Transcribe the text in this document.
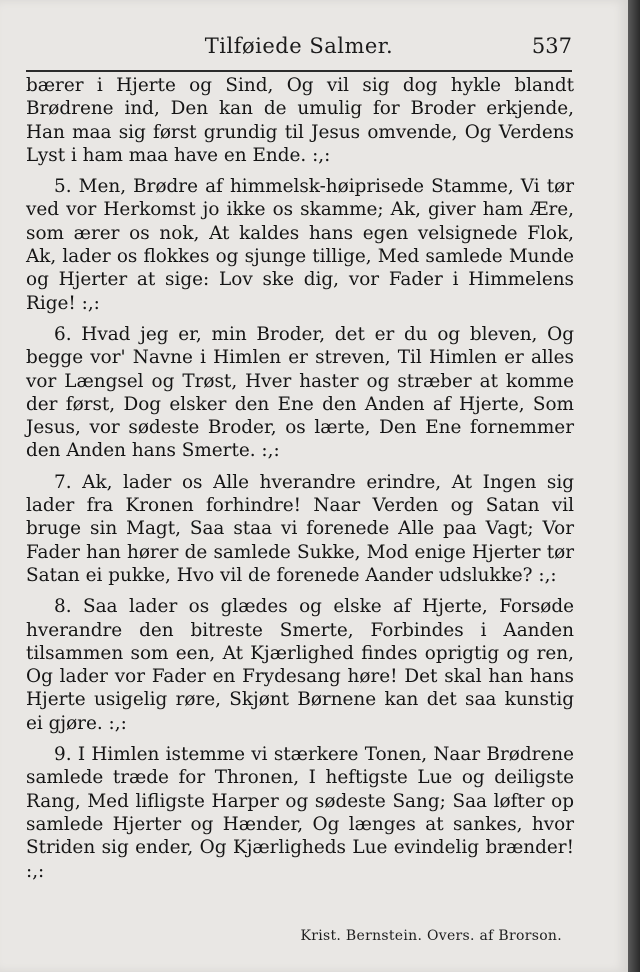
Tilføiede Salmer.	537
bærer i Hjerte og Sind, Og vil sig dog hykle blandt Brødrene ind, Den kan de umulig for Broder erkjende, Han maa sig først grundig til Jesus omvende, Og Verdens Lyst i ham maa have en Ende. :,:
5. Men, Brødre af himmelsk-høiprisede Stamme, Vi tør ved vor Herkomst jo ikke os skamme; Ak, giver ham Ære, som ærer os nok, At kaldes hans egen velsignede Flok, Ak, lader os flokkes og sjunge tillige, Med samlede Munde og Hjerter at sige: Lov ske dig, vor Fader i Himmelens Rige! :,:
6. Hvad jeg er, min Broder, det er du og bleven, Og begge vor' Navne i Himlen er streven, Til Himlen er alles vor Længsel og Trøst, Hver haster og stræber at komme der først, Dog elsker den Ene den Anden af Hjerte, Som Jesus, vor sødeste Broder, os lærte, Den Ene fornemmer den Anden hans Smerte. :,:
7. Ak, lader os Alle hverandre erindre, At Ingen sig lader fra Kronen forhindre! Naar Verden og Satan vil bruge sin Magt, Saa staa vi forenede Alle paa Vagt; Vor Fader han hører de samlede Sukke, Mod enige Hjerter tør Satan ei pukke, Hvo vil de forenede Aander udslukke? :,:
8. Saa lader os glædes og elske af Hjerte, Forsøde hverandre den bitreste Smerte, Forbindes i Aanden tilsammen som een, At Kjærlighed findes oprigtig og ren, Og lader vor Fader en Frydesang høre! Det skal han hans Hjerte usigelig røre, Skjønt Børnene kan det saa kunstig ei gjøre. :,:
9. I Himlen istemme vi stærkere Tonen, Naar Brødrene samlede træde for Thronen, I heftigste Lue og deiligste Rang, Med lifligste Harper og sødeste Sang; Saa løfter op samlede Hjerter og Hænder, Og længes at sankes, hvor Striden sig ender, Og Kjærligheds Lue evindelig brænder! :,:
Krist. Bernstein. Overs. af Brorson.
